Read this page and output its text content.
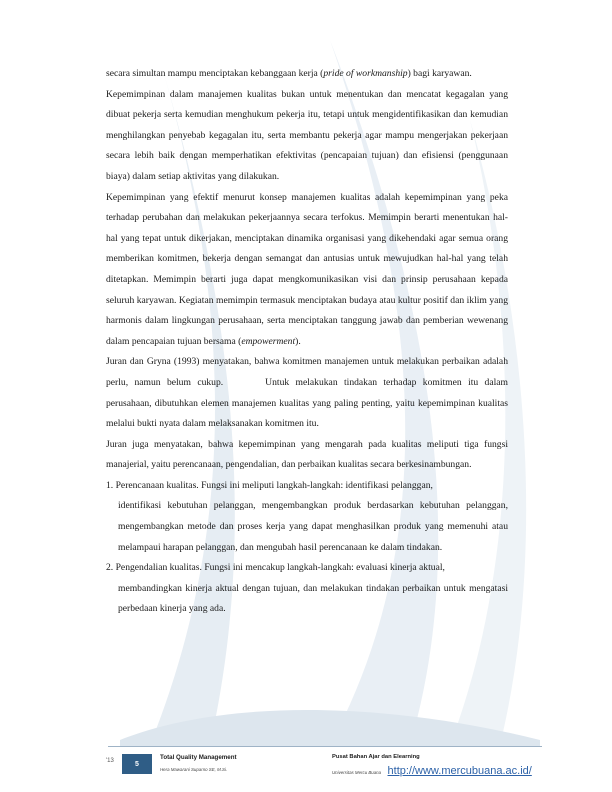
secara simultan mampu menciptakan kebanggaan kerja (pride of workmanship) bagi karyawan.

Kepemimpinan dalam manajemen kualitas bukan untuk menentukan dan mencatat kegagalan yang dibuat pekerja serta kemudian menghukum pekerja itu, tetapi untuk mengidentifikasikan dan kemudian menghilangkan penyebab kegagalan itu, serta membantu pekerja agar mampu mengerjakan pekerjaan secara lebih baik dengan memperhatikan efektivitas (pencapaian tujuan) dan efisiensi (penggunaan biaya) dalam setiap aktivitas yang dilakukan.

Kepemimpinan yang efektif menurut konsep manajemen kualitas adalah kepemimpinan yang peka terhadap perubahan dan melakukan pekerjaannya secara terfokus. Memimpin berarti menentukan hal-hal yang tepat untuk dikerjakan, menciptakan dinamika organisasi yang dikehendaki agar semua orang memberikan komitmen, bekerja dengan semangat dan antusias untuk mewujudkan hal-hal yang telah ditetapkan. Memimpin berarti juga dapat mengkomunikasikan visi dan prinsip perusahaan kepada seluruh karyawan. Kegiatan memimpin termasuk menciptakan budaya atau kultur positif dan iklim yang harmonis dalam lingkungan perusahaan, serta menciptakan tanggung jawab dan pemberian wewenang dalam pencapaian tujuan bersama (empowerment).

Juran dan Gryna (1993) menyatakan, bahwa komitmen manajemen untuk melakukan perbaikan adalah perlu, namun belum cukup.	Untuk melakukan tindakan terhadap komitmen itu dalam perusahaan, dibutuhkan elemen manajemen kualitas yang paling penting, yaitu kepemimpinan kualitas melalui bukti nyata dalam melaksanakan komitmen itu.

Juran juga menyatakan, bahwa kepemimpinan yang mengarah pada kualitas meliputi tiga fungsi manajerial, yaitu perencanaan, pengendalian, dan perbaikan kualitas secara berkesinambungan.

1. Perencanaan kualitas. Fungsi ini meliputi langkah-langkah: identifikasi pelanggan,
identifikasi kebutuhan pelanggan, mengembangkan produk berdasarkan kebutuhan pelanggan, mengembangkan metode dan proses kerja yang dapat menghasilkan produk yang memenuhi atau melampaui harapan pelanggan, dan mengubah hasil perencanaan ke dalam tindakan.
2. Pengendalian kualitas. Fungsi ini mencakup langkah-langkah: evaluasi kinerja aktual,
membandingkan kinerja aktual dengan tujuan, dan melakukan tindakan perbaikan untuk mengatasi perbedaan kinerja yang ada.
'13	5
Total Quality Management
Hera Mawarani Suparno SE, M.Si.
Pusat Bahan Ajar dan Elearning
Universitas Mercu Buana http://www.mercubuana.ac.id/
